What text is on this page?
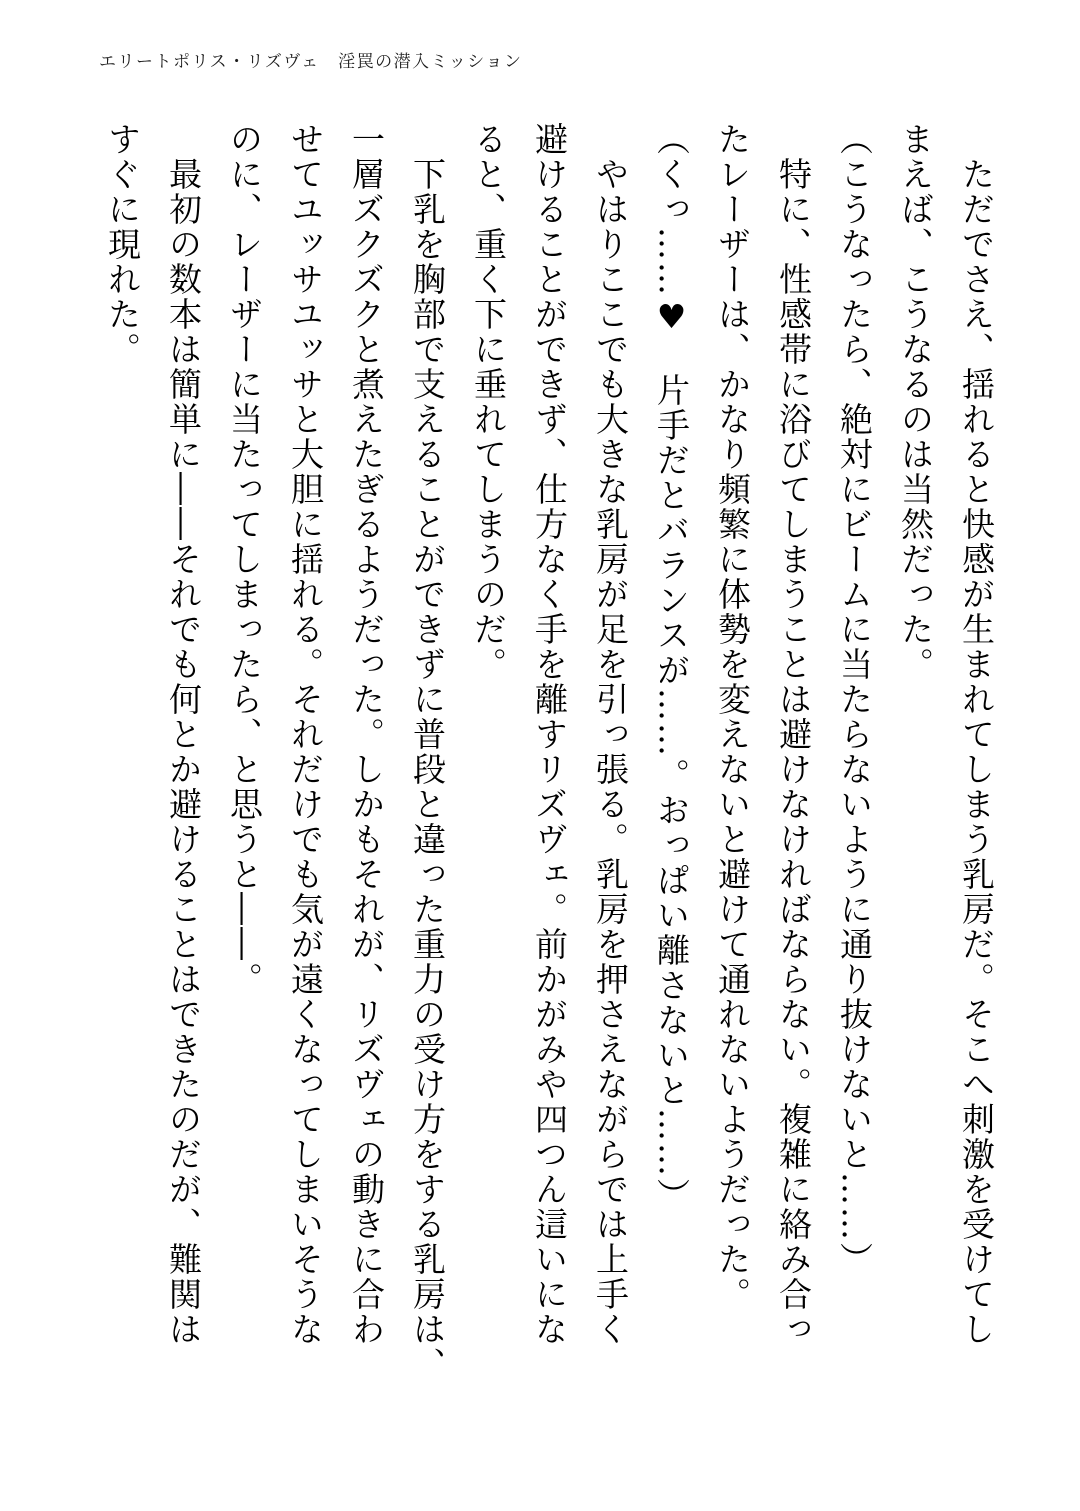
エリートポリス・リズヴェ　淫罠の潜入ミッション
　ただでさえ、揺れると快感が生まれてしまう乳房だ。そこへ刺激を受けてし
まえば、こうなるのは当然だった。
（こうなったら、絶対にビームに当たらないように通り抜けないと……）
　特に、性感帯に浴びてしまうことは避けなければならない。複雑に絡み合っ
たレーザーは、かなり頻繁に体勢を変えないと避けて通れないようだった。
（くっ……♥　片手だとバランスが……。おっぱい離さないと……）
　やはりここでも大きな乳房が足を引っ張る。乳房を押さえながらでは上手く
避けることができず、仕方なく手を離すリズヴェ。前かがみや四つん這いにな
ると、重く下に垂れてしまうのだ。
　下乳を胸部で支えることができずに普段と違った重力の受け方をする乳房は、
一層ズクズクと煮えたぎるようだった。しかもそれが、リズヴェの動きに合わ
せてユッサユッサと大胆に揺れる。それだけでも気が遠くなってしまいそうな
のに、レーザーに当たってしまったら、と思うと――。
　最初の数本は簡単に――それでも何とか避けることはできたのだが、難関は
すぐに現れた。
